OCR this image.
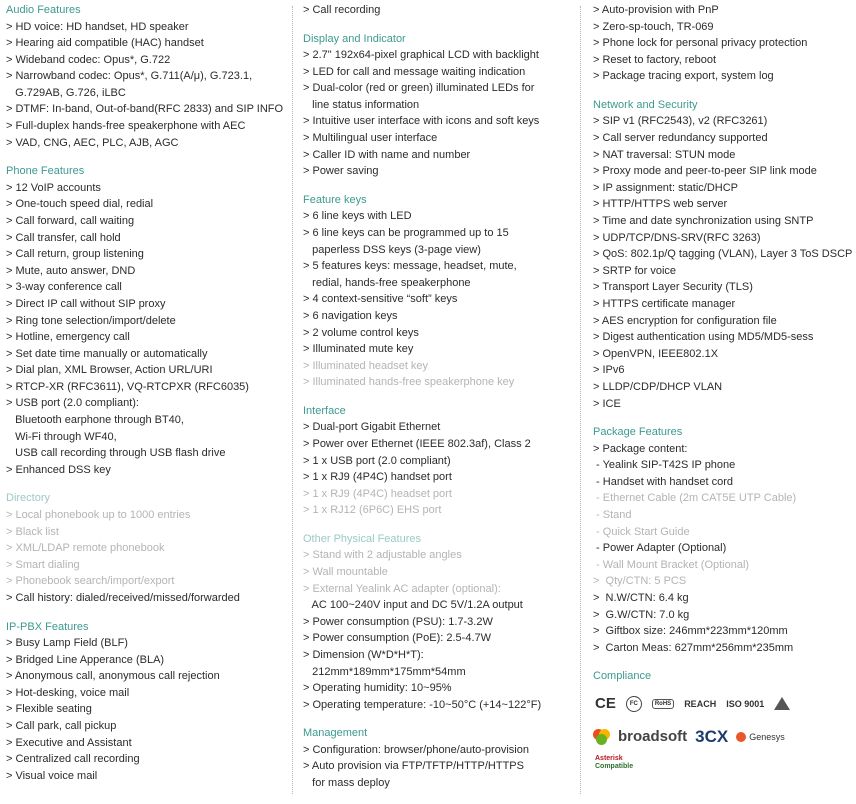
Audio Features
> HD voice: HD handset, HD speaker
> Hearing aid compatible (HAC) handset
> Wideband codec: Opus*, G.722
> Narrowband codec: Opus*, G.711(A/μ), G.723.1,
G.729AB, G.726, iLBC
> DTMF: In-band, Out-of-band(RFC 2833) and SIP INFO
> Full-duplex hands-free speakerphone with AEC
> VAD, CNG, AEC, PLC, AJB, AGC
Phone Features
> 12 VoIP accounts
> One-touch speed dial, redial
> Call forward, call waiting
> Call transfer, call hold
> Call return, group listening
> Mute, auto answer, DND
> 3-way conference call
> Direct IP call without SIP proxy
> Ring tone selection/import/delete
> Hotline, emergency call
> Set date time manually or automatically
> Dial plan, XML Browser, Action URL/URI
> RTCP-XR (RFC3611), VQ-RTCPXR (RFC6035)
> USB port (2.0 compliant):
Bluetooth earphone through BT40,
Wi-Fi through WF40,
USB call recording through USB flash drive
> Enhanced DSS key
Directory
> Local phonebook up to 1000 entries
> Black list
> XML/LDAP remote phonebook
> Smart dialing
> Phonebook search/import/export
> Call history: dialed/received/missed/forwarded
IP-PBX Features
> Busy Lamp Field (BLF)
> Bridged Line Apperance (BLA)
> Anonymous call, anonymous call rejection
> Hot-desking, voice mail
> Flexible seating
> Call park, call pickup
> Executive and Assistant
> Centralized call recording
> Visual voice mail
> Call recording
Display and Indicator
> 2.7" 192x64-pixel graphical LCD with backlight
> LED for call and message waiting indication
> Dual-color (red or green) illuminated LEDs for
line status information
> Intuitive user interface with icons and soft keys
> Multilingual user interface
> Caller ID with name and number
> Power saving
Feature keys
> 6 line keys with LED
> 6 line keys can be programmed up to 15
paperless DSS keys (3-page view)
> 5 features keys: message, headset, mute,
redial, hands-free speakerphone
> 4 context-sensitive “soft” keys
> 6 navigation keys
> 2 volume control keys
> Illuminated mute key
> Illuminated headset key
> Illuminated hands-free speakerphone key
Interface
> Dual-port Gigabit Ethernet
> Power over Ethernet (IEEE 802.3af), Class 2
> 1 x USB port (2.0 compliant)
> 1 x RJ9 (4P4C) handset port
> 1 x RJ9 (4P4C) headset port
> 1 x RJ12 (6P6C) EHS port
Other Physical Features
> Stand with 2 adjustable angles
> Wall mountable
> External Yealink AC adapter (optional):
AC 100~240V input and DC 5V/1.2A output
> Power consumption (PSU): 1.7-3.2W
> Power consumption (PoE): 2.5-4.7W
> Dimension (W*D*H*T):
212mm*189mm*175mm*54mm
> Operating humidity: 10~95%
> Operating temperature: -10~50°C (+14~122°F)
Management
> Configuration: browser/phone/auto-provision
> Auto provision via FTP/TFTP/HTTP/HTTPS
for mass deploy
> Auto-provision with PnP
> Zero-sp-touch, TR-069
> Phone lock for personal privacy protection
> Reset to factory, reboot
> Package tracing export, system log
Network and Security
> SIP v1 (RFC2543), v2 (RFC3261)
> Call server redundancy supported
> NAT traversal: STUN mode
> Proxy mode and peer-to-peer SIP link mode
> IP assignment: static/DHCP
> HTTP/HTTPS web server
> Time and date synchronization using SNTP
> UDP/TCP/DNS-SRV(RFC 3263)
> QoS: 802.1p/Q tagging (VLAN), Layer 3 ToS DSCP
> SRTP for voice
> Transport Layer Security (TLS)
> HTTPS certificate manager
> AES encryption for configuration file
> Digest authentication using MD5/MD5-sess
> OpenVPN, IEEE802.1X
> IPv6
> LLDP/CDP/DHCP VLAN
> ICE
Package Features
> Package content:
- Yealink SIP-T42S IP phone
- Handset with handset cord
- Ethernet Cable (2m CAT5E UTP Cable)
- Stand
- Quick Start Guide
- Power Adapter (Optional)
- Wall Mount Bracket (Optional)
>  Qty/CTN: 5 PCS
>  N.W/CTN: 6.4 kg
>  G.W/CTN: 7.0 kg
>  Giftbox size: 246mm*223mm*120mm
>  Carton Meas: 627mm*256mm*235mm
Compliance
CE	FC	RoHS	REACH ISO 9001
broadsoft 3CX Genesys
Asterisk
Compatible
